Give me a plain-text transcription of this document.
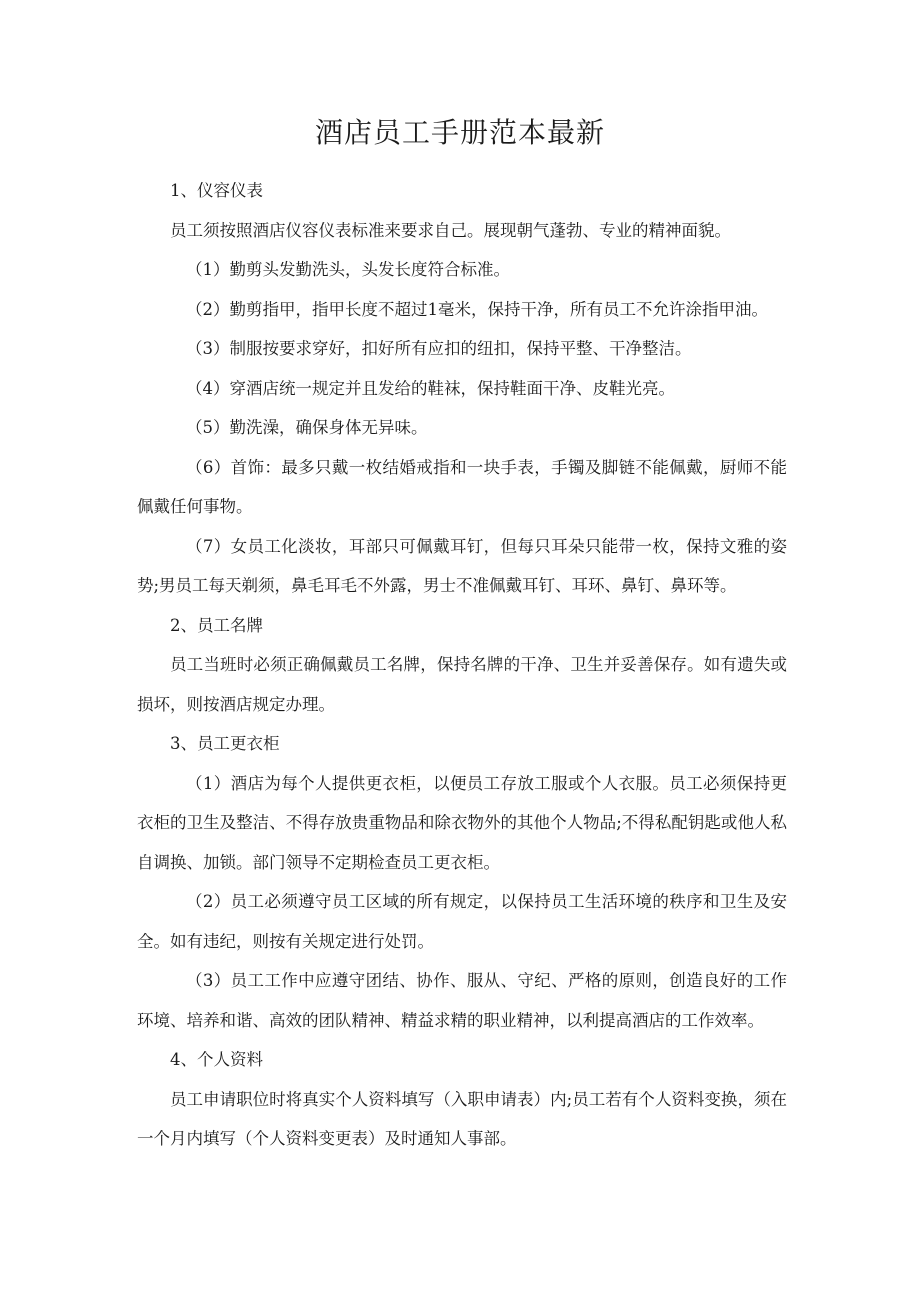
酒店员工手册范本最新

1、仪容仪表

员工须按照酒店仪容仪表标准来要求自己。展现朝气蓬勃、专业的精神面貌。

（1）勤剪头发勤洗头，头发长度符合标准。

（2）勤剪指甲，指甲长度不超过1毫米，保持干净，所有员工不允许涂指甲油。

（3）制服按要求穿好，扣好所有应扣的纽扣，保持平整、干净整洁。

（4）穿酒店统一规定并且发给的鞋袜，保持鞋面干净、皮鞋光亮。

（5）勤洗澡，确保身体无异味。

（6）首饰：最多只戴一枚结婚戒指和一块手表，手镯及脚链不能佩戴，厨师不能佩戴任何事物。

（7）女员工化淡妆，耳部只可佩戴耳钉，但每只耳朵只能带一枚，保持文雅的姿势;男员工每天剃须，鼻毛耳毛不外露，男士不准佩戴耳钉、耳环、鼻钉、鼻环等。

2、员工名牌

员工当班时必须正确佩戴员工名牌，保持名牌的干净、卫生并妥善保存。如有遗失或损坏，则按酒店规定办理。

3、员工更衣柜

（1）酒店为每个人提供更衣柜，以便员工存放工服或个人衣服。员工必须保持更衣柜的卫生及整洁、不得存放贵重物品和除衣物外的其他个人物品;不得私配钥匙或他人私自调换、加锁。部门领导不定期检查员工更衣柜。

（2）员工必须遵守员工区域的所有规定，以保持员工生活环境的秩序和卫生及安全。如有违纪，则按有关规定进行处罚。

（3）员工工作中应遵守团结、协作、服从、守纪、严格的原则，创造良好的工作环境、培养和谐、高效的团队精神、精益求精的职业精神，以利提高酒店的工作效率。

4、个人资料

员工申请职位时将真实个人资料填写（入职申请表）内;员工若有个人资料变换，须在一个月内填写（个人资料变更表）及时通知人事部。
